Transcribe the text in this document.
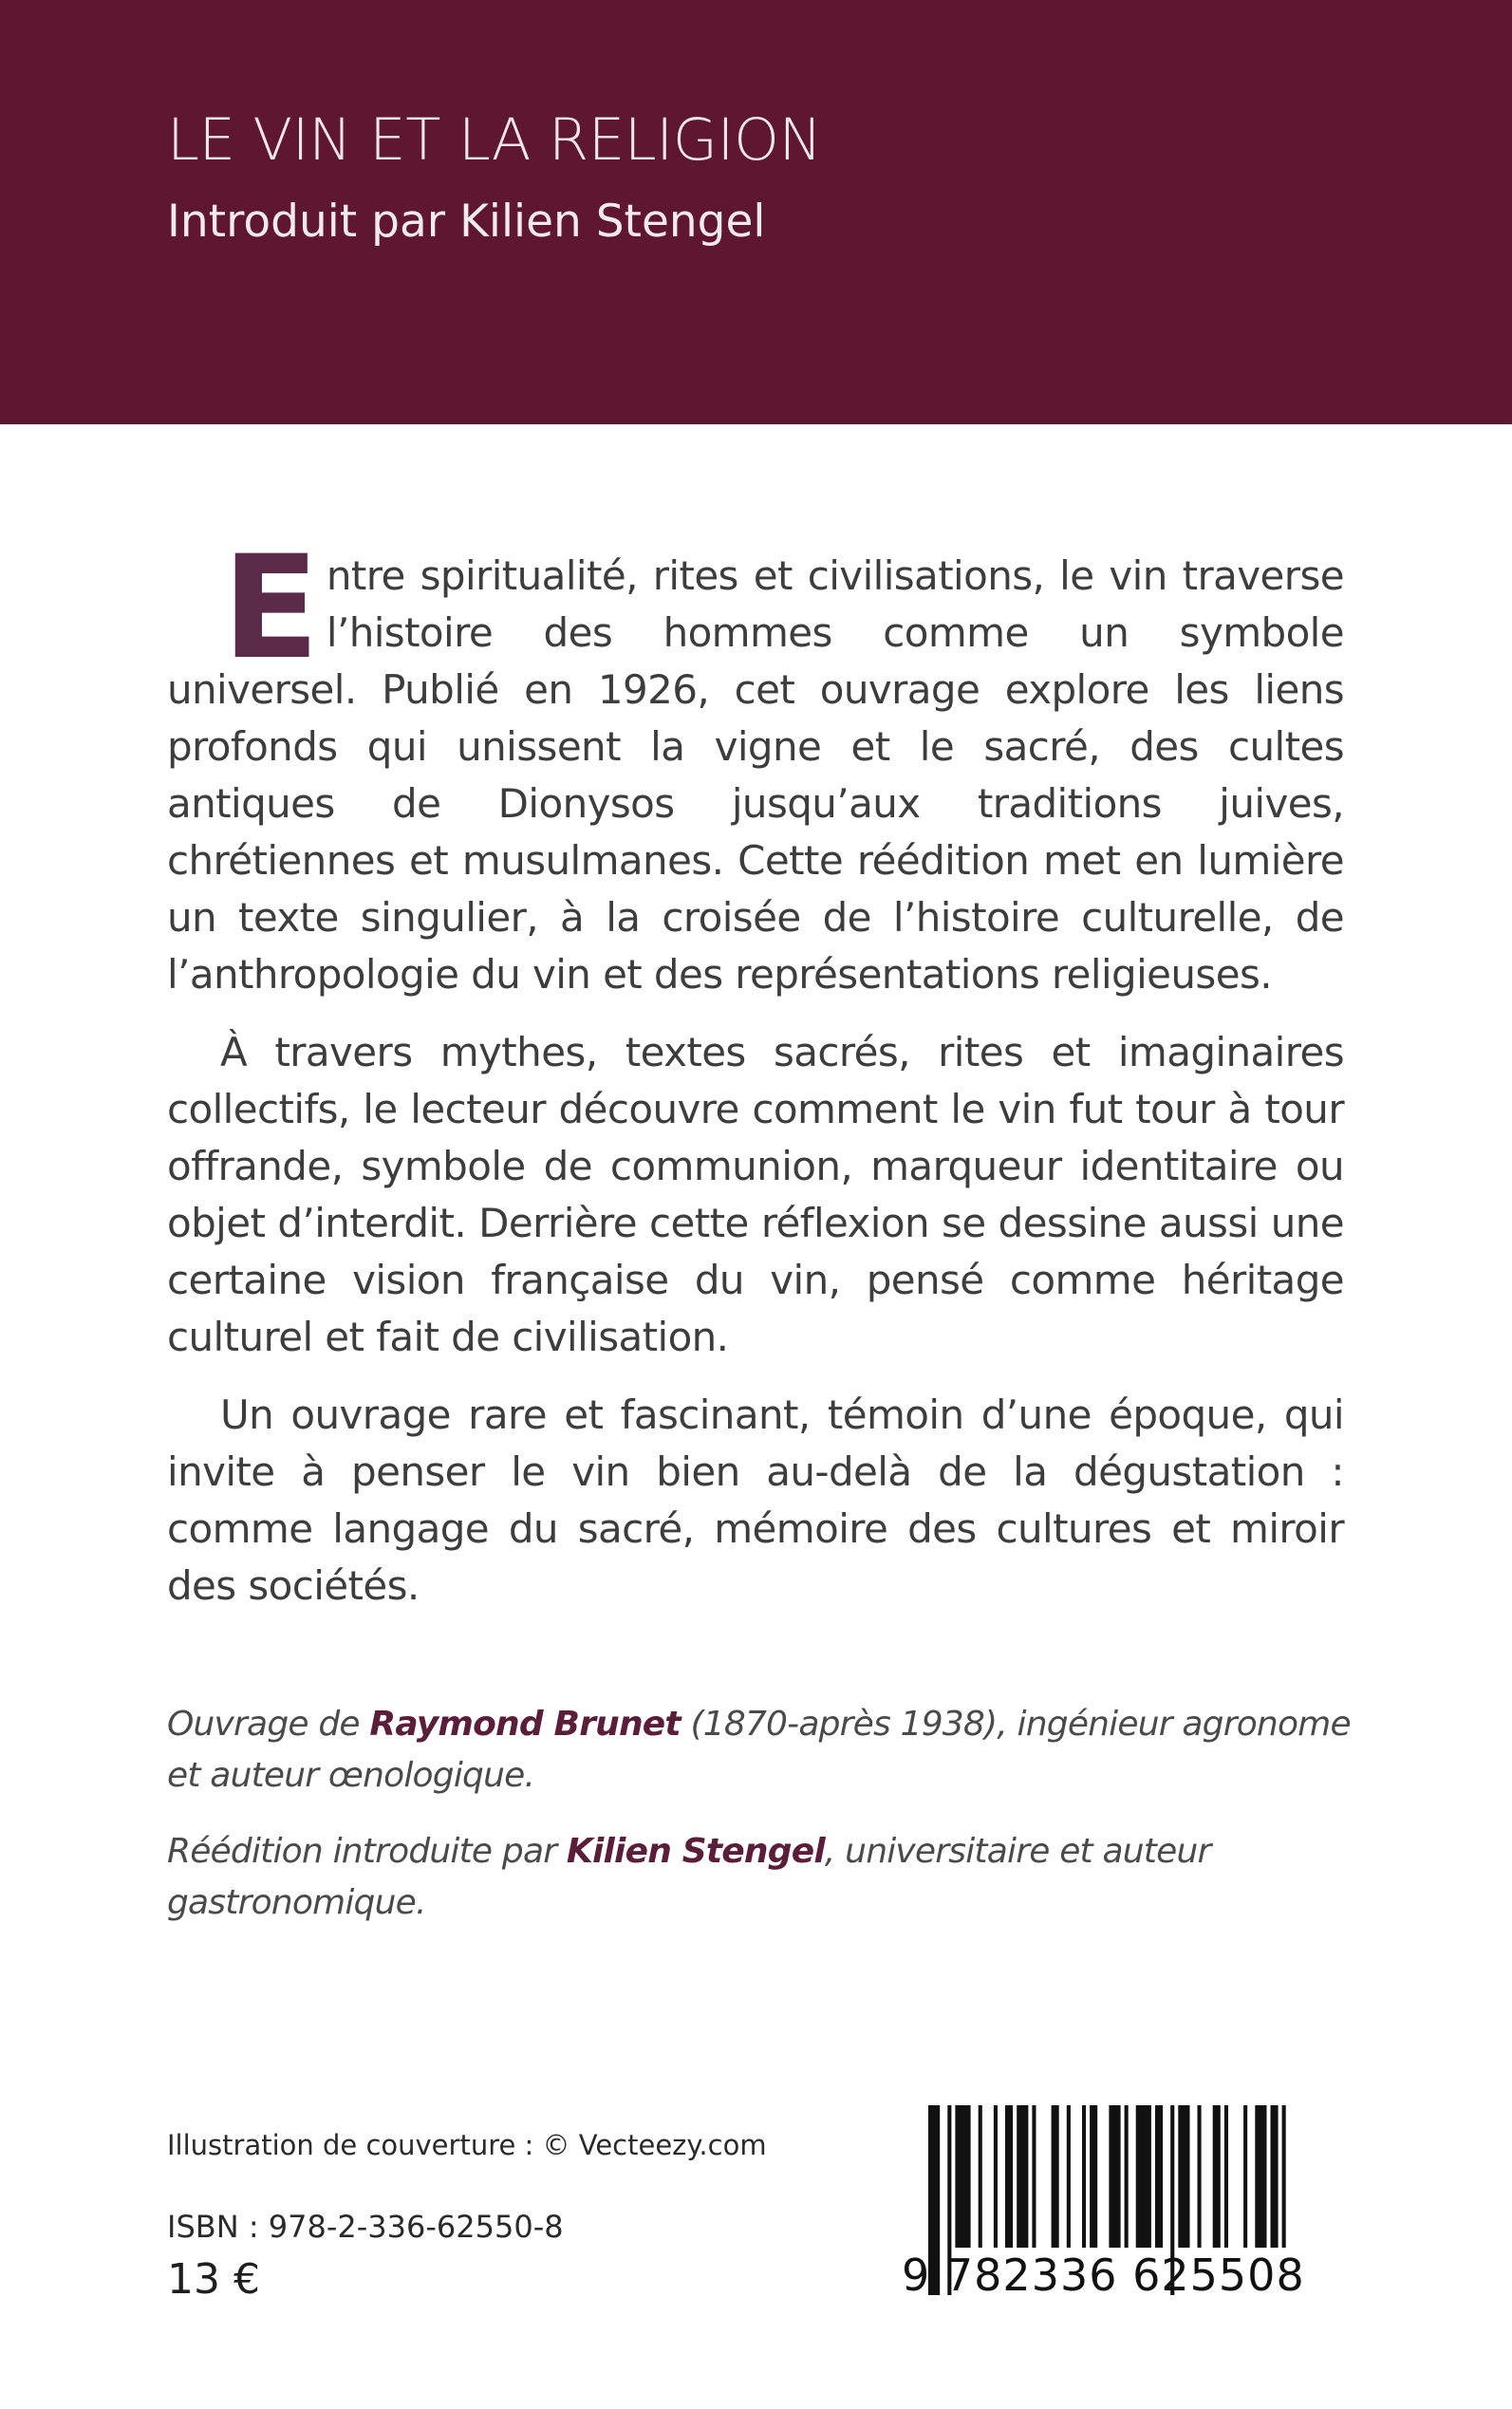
LE VIN ET LA RELIGION
Introduit par Kilien Stengel

Entre spiritualité, rites et civilisations, le vin traverse l’histoire des hommes comme un symbole universel. Publié en 1926, cet ouvrage explore les liens profonds qui unissent la vigne et le sacré, des cultes antiques de Dionysos jusqu’aux traditions juives, chrétiennes et musulmanes. Cette réédition met en lumière un texte singulier, à la croisée de l’histoire culturelle, de l’anthropologie du vin et des représentations religieuses.

À travers mythes, textes sacrés, rites et imaginaires collectifs, le lecteur découvre comment le vin fut tour à tour offrande, symbole de communion, marqueur identitaire ou objet d’interdit. Derrière cette réflexion se dessine aussi une certaine vision française du vin, pensé comme héritage culturel et fait de civilisation.

Un ouvrage rare et fascinant, témoin d’une époque, qui invite à penser le vin bien au-delà de la dégustation : comme langage du sacré, mémoire des cultures et miroir des sociétés.

Ouvrage de Raymond Brunet (1870-après 1938), ingénieur agronome et auteur œnologique.

Réédition introduite par Kilien Stengel, universitaire et auteur gastronomique.

Illustration de couverture : © Vecteezy.com
ISBN : 978-2-336-62550-8
13 €	9 782336 625508
